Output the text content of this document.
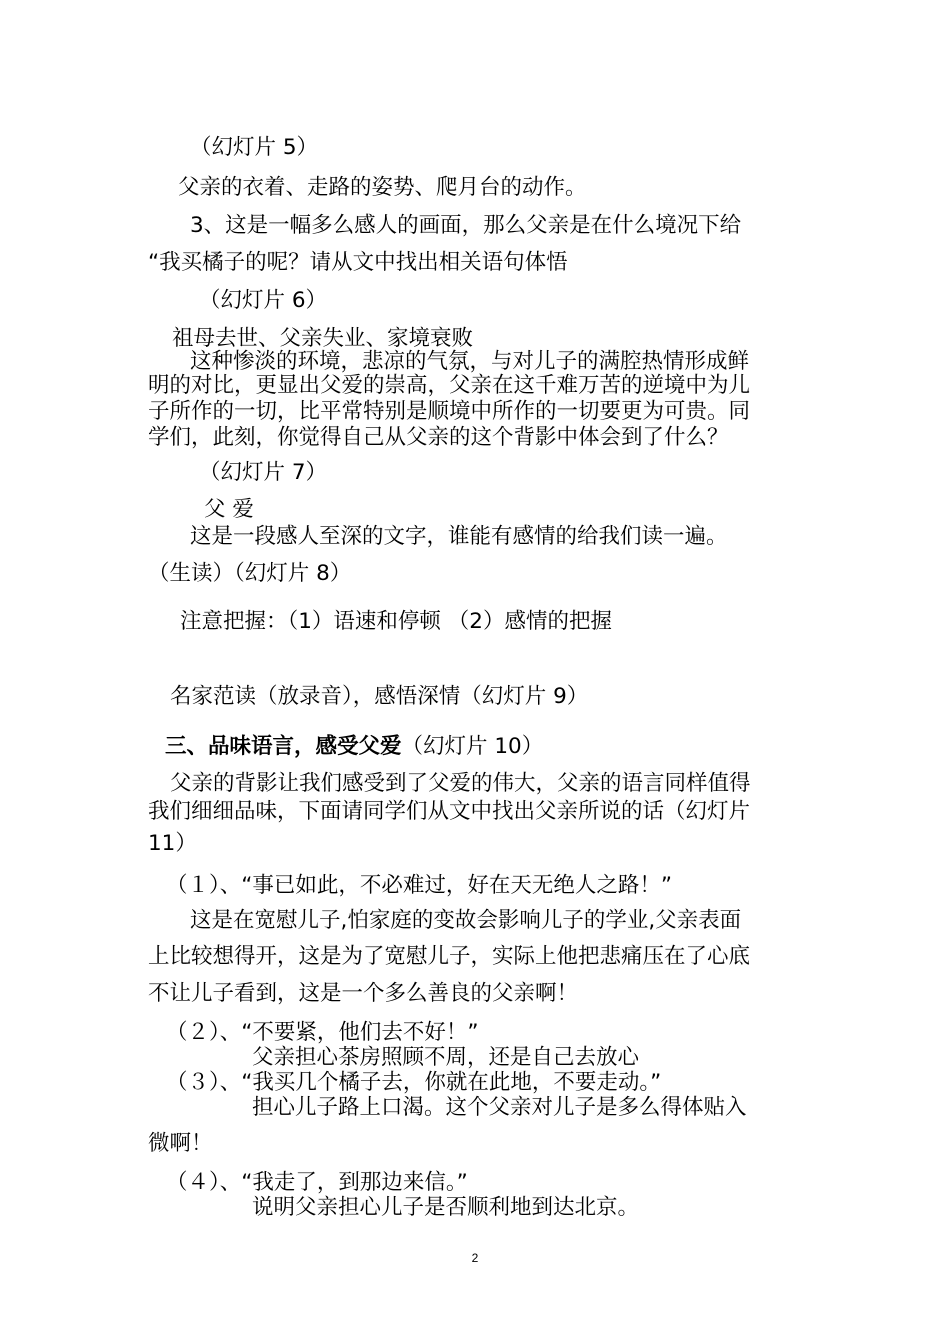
（幻灯片 5）

父亲的衣着、走路的姿势、爬月台的动作。

3、这是一幅多么感人的画面，那么父亲是在什么境况下给

“我买橘子的呢？请从文中找出相关语句体悟

（幻灯片 6）

祖母去世、父亲失业、家境衰败

这种惨淡的环境，悲凉的气氛，与对儿子的满腔热情形成鲜

明的对比，更显出父爱的崇高，父亲在这千难万苦的逆境中为儿

子所作的一切，比平常特别是顺境中所作的一切要更为可贵。同

学们，此刻，你觉得自己从父亲的这个背影中体会到了什么？

（幻灯片 7）

父 爱

这是一段感人至深的文字，谁能有感情的给我们读一遍。

（生读）（幻灯片 8）

注意把握：（1）语速和停顿 （2）感情的把握

名家范读（放录音），感悟深情（幻灯片 9）

三、品味语言，感受父爱（幻灯片 10）

父亲的背影让我们感受到了父爱的伟大，父亲的语言同样值得

我们细细品味，下面请同学们从文中找出父亲所说的话（幻灯片

11）

（１）、“事已如此，不必难过，好在天无绝人之路！”

这是在宽慰儿子,怕家庭的变故会影响儿子的学业,父亲表面

上比较想得开，这是为了宽慰儿子，实际上他把悲痛压在了心底

不让儿子看到，这是一个多么善良的父亲啊！

（２）、“不要紧，他们去不好！”

父亲担心茶房照顾不周，还是自己去放心

（３）、“我买几个橘子去，你就在此地，不要走动。”

担心儿子路上口渴。这个父亲对儿子是多么得体贴入

微啊！

（４）、“我走了，到那边来信。”

说明父亲担心儿子是否顺利地到达北京。

2
